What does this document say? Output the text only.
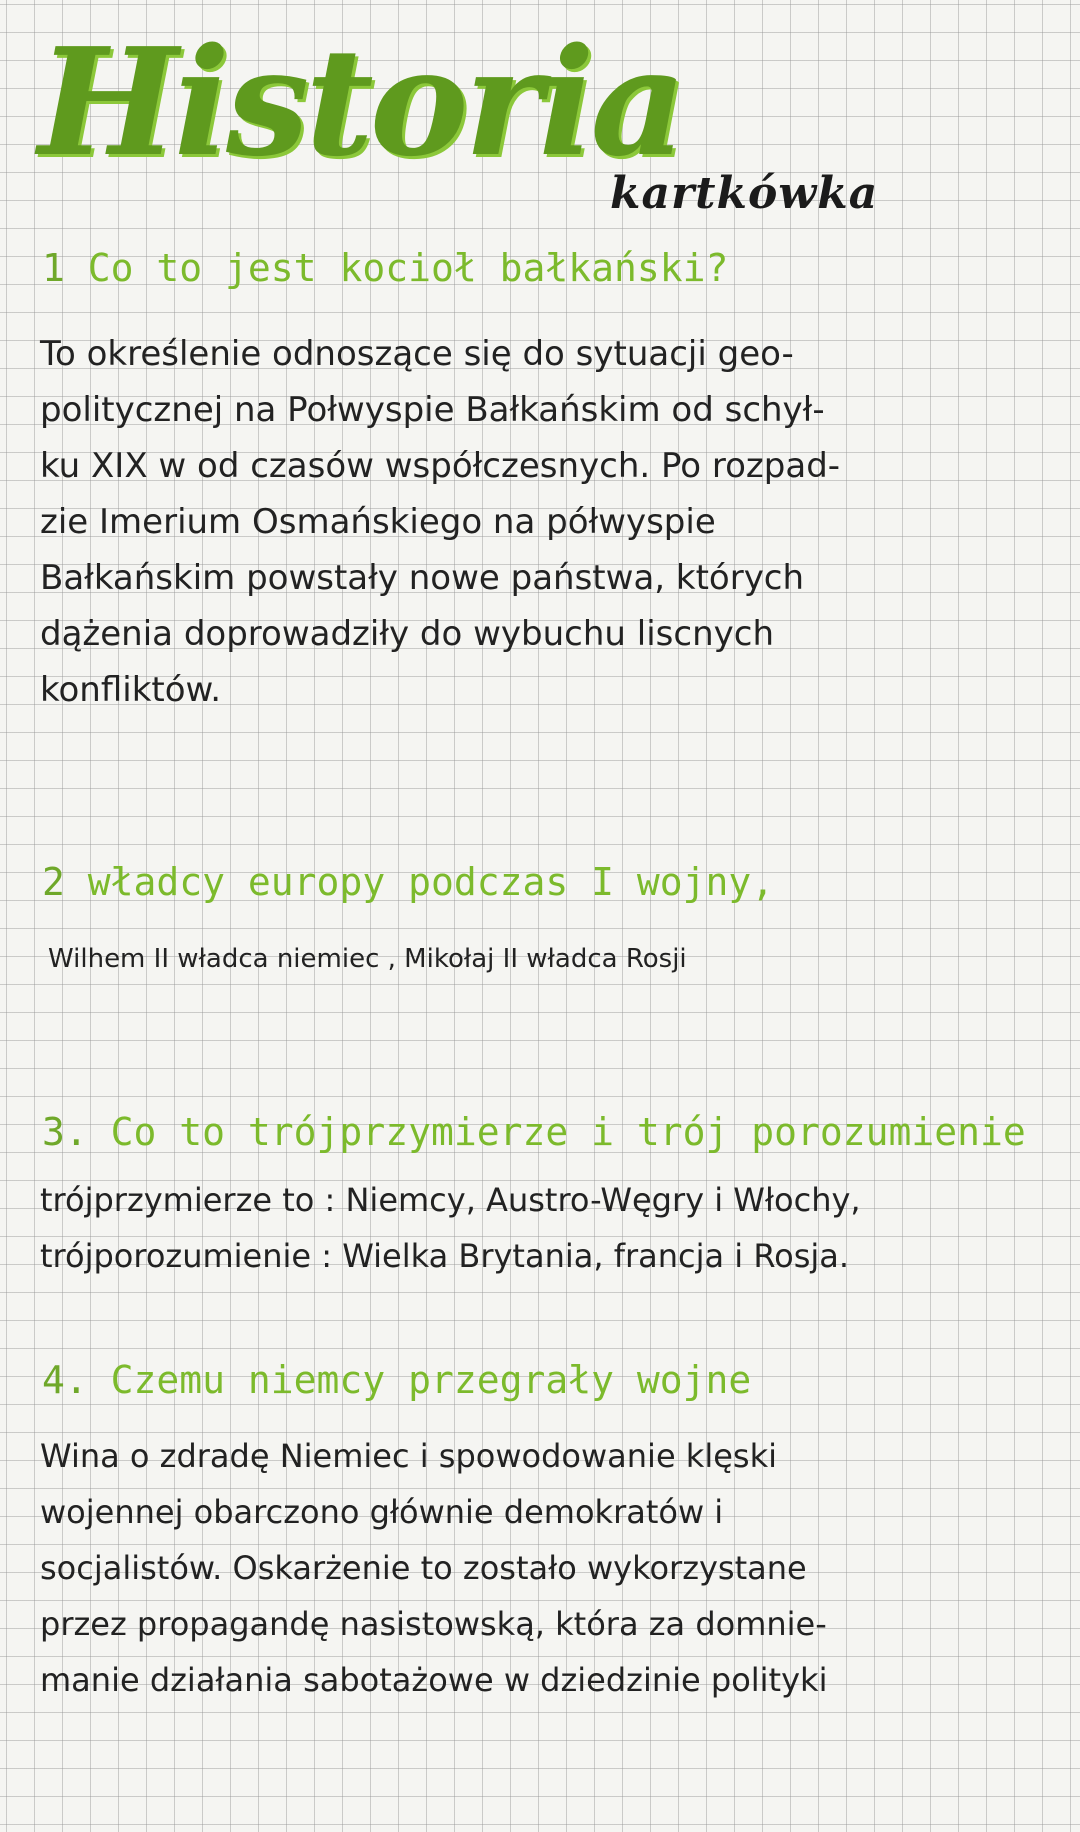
Historia
kartkówka
1 Co to jest kocioł bałkański?
To określenie odnoszące się do sytuacji geo-
politycznej na Połwyspie Bałkańskim od schył-
ku XIX w od czasów współczesnych. Po rozpad-
zie Imerium Osmańskiego na półwyspie
Bałkańskim powstały nowe państwa, których
dążenia doprowadziły do wybuchu liscnych
konfliktów.
2 władcy europy podczas I wojny,
Wilhem II władca niemiec , Mikołaj II władca Rosji
3. Co to trójprzymierze i trój porozumienie
trójprzymierze to : Niemcy, Austro-Węgry i Włochy,
trójporozumienie : Wielka Brytania, francja i Rosja.
4. Czemu niemcy przegrały wojne
Wina o zdradę Niemiec i spowodowanie klęski
wojennej obarczono głównie demokratów i
socjalistów. Oskarżenie to zostało wykorzystane
przez propagandę nasistowską, która za domnie-
manie działania sabotażowe w dziedzinie polityki
